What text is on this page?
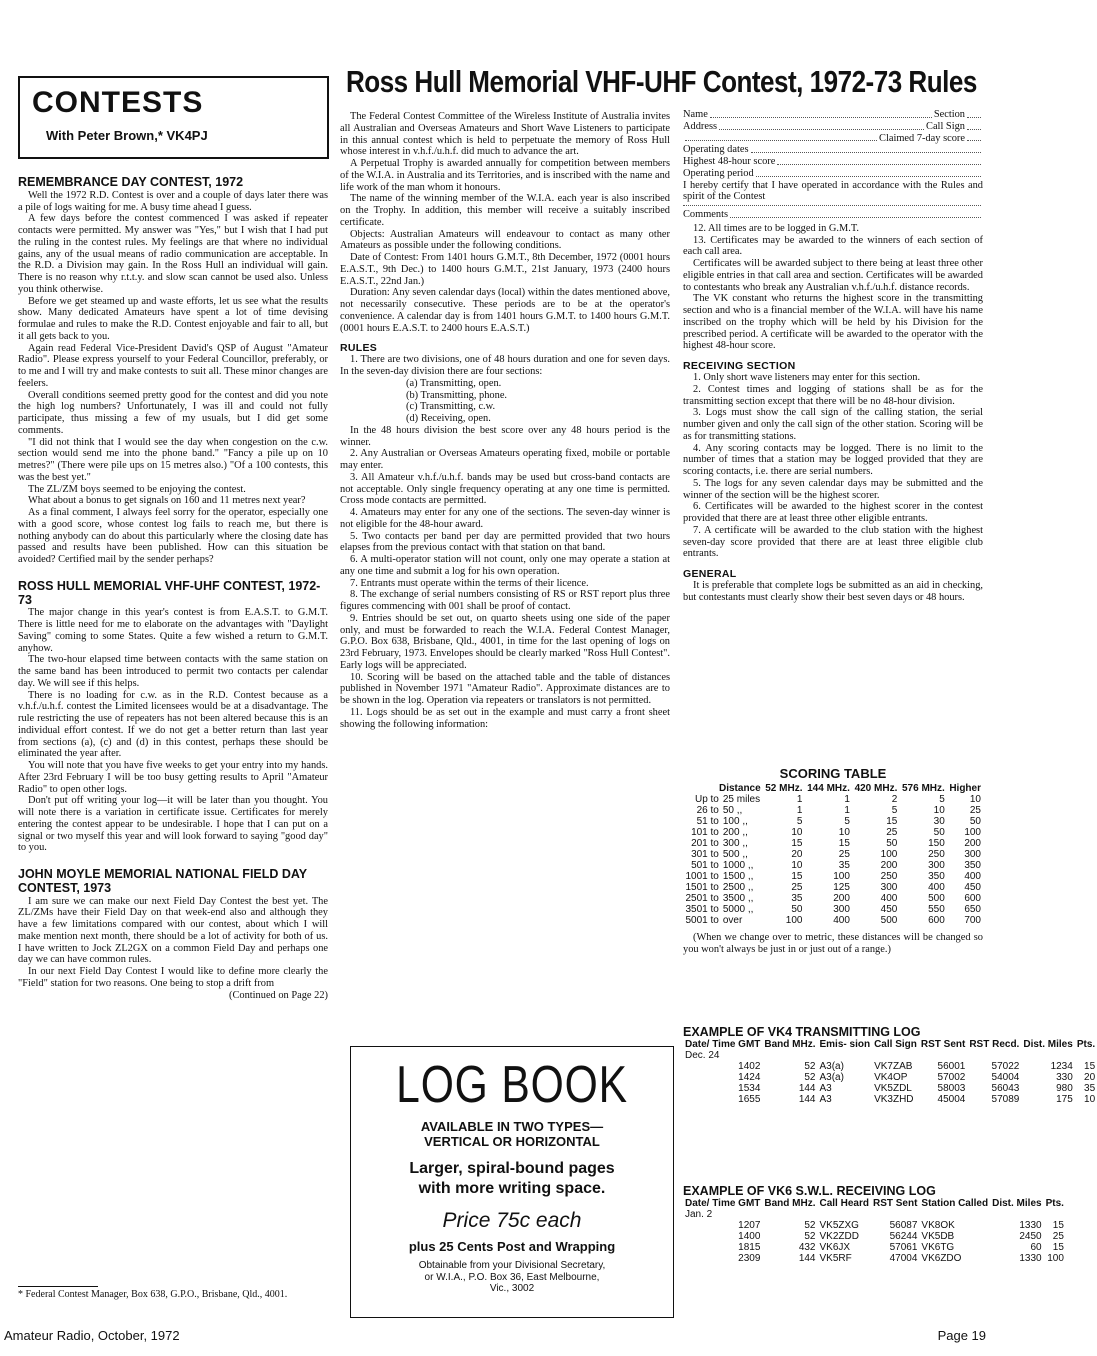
CONTESTS
With Peter Brown,* VK4PJ
Ross Hull Memorial VHF-UHF Contest, 1972-73 Rules
REMEMBRANCE DAY CONTEST, 1972

Well the 1972 R.D. Contest is over and a couple of days later there was a pile of logs waiting for me. A busy time ahead I guess.

A few days before the contest commenced I was asked if repeater contacts were permitted. My answer was "Yes," but I wish that I had put the ruling in the contest rules. My feelings are that where no individual gains, any of the usual means of radio communication are acceptable. In the R.D. a Division may gain. In the Ross Hull an individual will gain. There is no reason why r.t.t.y. and slow scan cannot be used also. Unless you think otherwise.

Before we get steamed up and waste efforts, let us see what the results show. Many dedicated Amateurs have spent a lot of time devising formulae and rules to make the R.D. Contest enjoyable and fair to all, but it all gets back to you.

Again read Federal Vice-President David's QSP of August "Amateur Radio". Please express yourself to your Federal Councillor, preferably, or to me and I will try and make contests to suit all. These minor changes are feelers.

Overall conditions seemed pretty good for the contest and did you note the high log numbers? Unfortunately, I was ill and could not fully participate, thus missing a few of my usuals, but I did get some comments.

"I did not think that I would see the day when congestion on the c.w. section would send me into the phone band." "Fancy a pile up on 10 metres?" (There were pile ups on 15 metres also.) "Of a 100 contests, this was the best yet."

The ZL/ZM boys seemed to be enjoying the contest.

What about a bonus to get signals on 160 and 11 metres next year?

As a final comment, I always feel sorry for the operator, especially one with a good score, whose contest log fails to reach me, but there is nothing anybody can do about this particularly where the closing date has passed and results have been published. How can this situation be avoided? Certified mail by the sender perhaps?

ROSS HULL MEMORIAL VHF-UHF CONTEST, 1972-73

The major change in this year's contest is from E.A.S.T. to G.M.T. There is little need for me to elaborate on the advantages with "Daylight Saving" coming to some States. Quite a few wished a return to G.M.T. anyhow.

The two-hour elapsed time between contacts with the same station on the same band has been introduced to permit two contacts per calendar day. We will see if this helps.

There is no loading for c.w. as in the R.D. Contest because as a v.h.f./u.h.f. contest the Limited licensees would be at a disadvantage. The rule restricting the use of repeaters has not been altered because this is an individual effort contest. If we do not get a better return than last year from sections (a), (c) and (d) in this contest, perhaps these should be eliminated the year after.

You will note that you have five weeks to get your entry into my hands. After 23rd February I will be too busy getting results to April "Amateur Radio" to open other logs.

Don't put off writing your log—it will be later than you thought. You will note there is a variation in certificate issue. Certificates for merely entering the contest appear to be undesirable. I hope that I can put on a signal or two myself this year and will look forward to saying "good day" to you.

JOHN MOYLE MEMORIAL NATIONAL FIELD DAY CONTEST, 1973

I am sure we can make our next Field Day Contest the best yet. The ZL/ZMs have their Field Day on that week-end also and although they have a few limitations compared with our contest, about which I will make mention next month, there should be a lot of activity for both of us. I have written to Jock ZL2GX on a common Field Day and perhaps one day we can have common rules.

In our next Field Day Contest I would like to define more clearly the "Field" station for two reasons. One being to stop a drift from

(Continued on Page 22)
* Federal Contest Manager, Box 638, G.P.O., Brisbane, Qld., 4001.

The Federal Contest Committee of the Wireless Institute of Australia invites all Australian and Overseas Amateurs and Short Wave Listeners to participate in this annual contest which is held to perpetuate the memory of Ross Hull whose interest in v.h.f./u.h.f. did much to advance the art.

A Perpetual Trophy is awarded annually for competition between members of the W.I.A. in Australia and its Territories, and is inscribed with the name and life work of the man whom it honours.

The name of the winning member of the W.I.A. each year is also inscribed on the Trophy. In addition, this member will receive a suitably inscribed certificate.

Objects: Australian Amateurs will endeavour to contact as many other Amateurs as possible under the following conditions.

Date of Contest: From 1401 hours G.M.T., 8th December, 1972 (0001 hours E.A.S.T., 9th Dec.) to 1400 hours G.M.T., 21st January, 1973 (2400 hours E.A.S.T., 22nd Jan.)

Duration: Any seven calendar days (local) within the dates mentioned above, not necessarily consecutive. These periods are to be at the operator's convenience. A calendar day is from 1401 hours G.M.T. to 1400 hours G.M.T. (0001 hours E.A.S.T. to 2400 hours E.A.S.T.)

RULES

1. There are two divisions, one of 48 hours duration and one for seven days. In the seven-day division there are four sections:

(a) Transmitting, open.

(b) Transmitting, phone.

(c) Transmitting, c.w.

(d) Receiving, open.

In the 48 hours division the best score over any 48 hours period is the winner.

2. Any Australian or Overseas Amateurs operating fixed, mobile or portable may enter.

3. All Amateur v.h.f./u.h.f. bands may be used but cross-band contacts are not acceptable. Only single frequency operating at any one time is permitted. Cross mode contacts are permitted.

4. Amateurs may enter for any one of the sections. The seven-day winner is not eligible for the 48-hour award.

5. Two contacts per band per day are permitted provided that two hours elapses from the previous contact with that station on that band.

6. A multi-operator station will not count, only one may operate a station at any one time and submit a log for his own operation.

7. Entrants must operate within the terms of their licence.

8. The exchange of serial numbers consisting of RS or RST report plus three figures commencing with 001 shall be proof of contact.

9. Entries should be set out, on quarto sheets using one side of the paper only, and must be forwarded to reach the W.I.A. Federal Contest Manager, G.P.O. Box 638, Brisbane, Qld., 4001, in time for the last opening of logs on 23rd February, 1973. Envelopes should be clearly marked "Ross Hull Contest". Early logs will be appreciated.

10. Scoring will be based on the attached table and the table of distances published in November 1971 "Amateur Radio". Approximate distances are to be shown in the log. Operation via repeaters or translators is not permitted.

11. Logs should be as set out in the example and must carry a front sheet showing the following information:

LOG BOOK
AVAILABLE IN TWO TYPES—
VERTICAL OR HORIZONTAL
Larger, spiral-bound pages
with more writing space.
Price 75c each
plus 25 Cents Post and Wrapping
Obtainable from your Divisional Secretary,
or W.I.A., P.O. Box 36, East Melbourne,
Vic., 3002
Name	Section
Address	Call Sign
Claimed 7-day score
Operating dates
Highest 48-hour score
Operating period

I hereby certify that I have operated in accordance with the Rules and spirit of the Contest

Comments

12. All times are to be logged in G.M.T.

13. Certificates may be awarded to the winners of each section of each call area.

Certificates will be awarded subject to there being at least three other eligible entries in that call area and section. Certificates will be awarded to contestants who break any Australian v.h.f./u.h.f. distance records.

The VK constant who returns the highest score in the transmitting section and who is a financial member of the W.I.A. will have his name inscribed on the trophy which will be held by his Division for the prescribed period. A certificate will be awarded to the operator with the highest 48-hour score.

RECEIVING SECTION

1. Only short wave listeners may enter for this section.

2. Contest times and logging of stations shall be as for the transmitting section except that there will be no 48-hour division.

3. Logs must show the call sign of the calling station, the serial number given and only the call sign of the other station. Scoring will be as for transmitting stations.

4. Any scoring contacts may be logged. There is no limit to the number of times that a station may be logged provided that they are scoring contacts, i.e. there are serial numbers.

5. The logs for any seven calendar days may be submitted and the winner of the section will be the highest scorer.

6. Certificates will be awarded to the highest scorer in the contest provided that there are at least three other eligible entrants.

7. A certificate will be awarded to the club station with the highest seven-day score provided that there are at least three eligible club entrants.

GENERAL

It is preferable that complete logs be submitted as an aid in checking, but contestants must clearly show their best seven days or 48 hours.

SCORING TABLE
Distance		52 MHz.	144 MHz.	420 MHz.	576 MHz.	Higher
Up to	25 miles	1	1	2	5	10
26 to	50 ,,	1	1	5	10	25
51 to	100 ,,	5	5	15	30	50
101 to	200 ,,	10	10	25	50	100
201 to	300 ,,	15	15	50	150	200
301 to	500 ,,	20	25	100	250	300
501 to	1000 ,,	10	35	200	300	350
1001 to	1500 ,,	15	100	250	350	400
1501 to	2500 ,,	25	125	300	400	450
2501 to	3500 ,,	35	200	400	500	600
3501 to	5000 ,,	50	300	450	550	650
5001 to	over	100	400	500	600	700

(When we change over to metric, these distances will be changed so you won't always be just in or just out of a range.)

EXAMPLE OF VK4 TRANSMITTING LOG
Date/ Time GMT	Band MHz.	Emis- sion	Call Sign	RST Sent	RST Recd.	Dist. Miles	Pts.
Dec. 24							
1402	52	A3(a)	VK7ZAB	56001	57022	1234	15
1424	52	A3(a)	VK4OP	57002	54004	330	20
1534	144	A3	VK5ZDL	58003	56043	980	35
1655	144	A3	VK3ZHD	45004	57089	175	10
EXAMPLE OF VK6 S.W.L. RECEIVING LOG
Date/ Time GMT	Band MHz.	Call Heard	RST Sent	Station Called	Dist. Miles	Pts.
Jan. 2						
1207	52	VK5ZXG	56087	VK8OK	1330	15
1400	52	VK2ZDD	56244	VK5DB	2450	25
1815	432	VK6JX	57061	VK6TG	60	15
2309	144	VK5RF	47004	VK6ZDO	1330	100
Amateur Radio, October, 1972	Page 19
